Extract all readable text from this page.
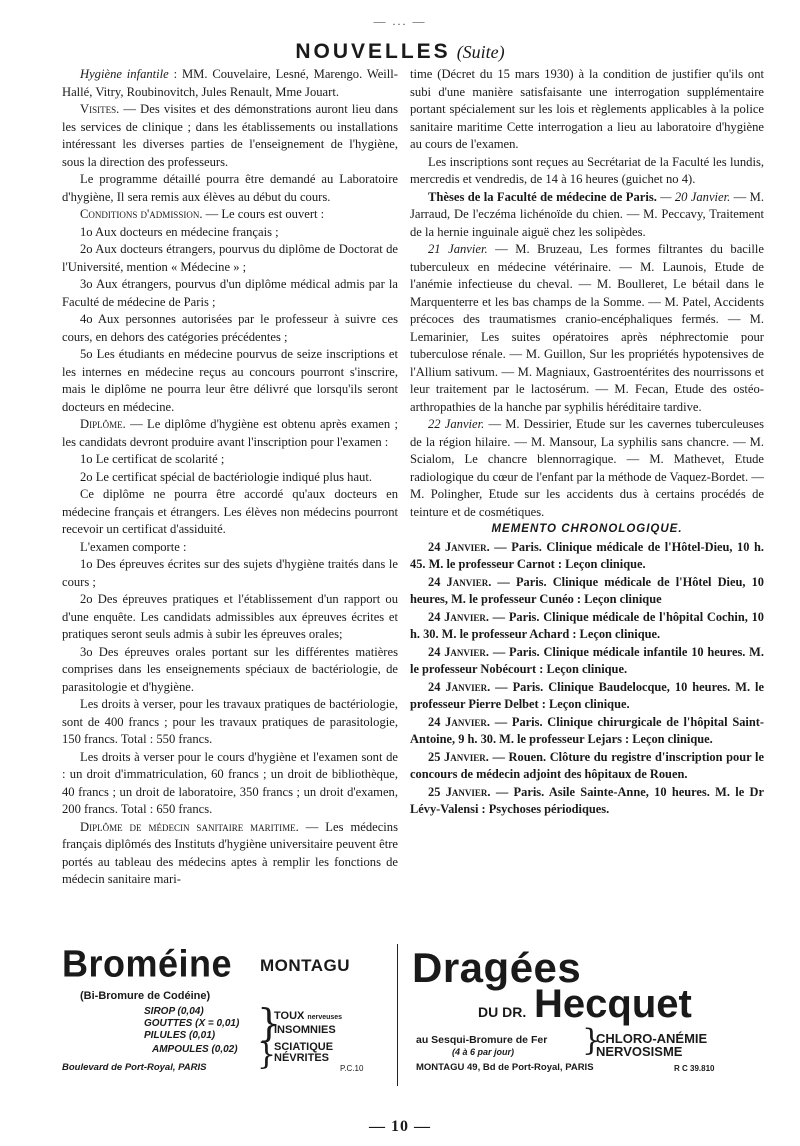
— ... —
NOUVELLES (Suite)

Hygiène infantile : MM. Couvelaire, Lesné, Marengo. Weill-Hallé, Vitry, Roubinovitch, Jules Renault, Mme Jouart.

Visites. — Des visites et des démonstrations auront lieu dans les services de clinique ; dans les établissements ou installations intéressant les diverses parties de l'enseignement de l'hygiène, sous la direction des professeurs.

Le programme détaillé pourra être demandé au Laboratoire d'hygiène, Il sera remis aux élèves au début du cours.

Conditions d'admission. — Le cours est ouvert :

1o Aux docteurs en médecine français ;

2o Aux docteurs étrangers, pourvus du diplôme de Doctorat de l'Université, mention « Médecine » ;

3o Aux étrangers, pourvus d'un diplôme médical admis par la Faculté de médecine de Paris ;

4o Aux personnes autorisées par le professeur à suivre ces cours, en dehors des catégories précédentes ;

5o Les étudiants en médecine pourvus de seize inscriptions et les internes en médecine reçus au concours pourront s'inscrire, mais le diplôme ne pourra leur être délivré que lorsqu'ils seront docteurs en médecine.

Diplôme. — Le diplôme d'hygiène est obtenu après examen ; les candidats devront produire avant l'inscription pour l'examen :

1o Le certificat de scolarité ;

2o Le certificat spécial de bactériologie indiqué plus haut.

Ce diplôme ne pourra être accordé qu'aux docteurs en médecine français et étrangers. Les élèves non médecins pourront recevoir un certificat d'assiduité.

L'examen comporte :

1o Des épreuves écrites sur des sujets d'hygiène traités dans le cours ;

2o Des épreuves pratiques et l'établissement d'un rapport ou d'une enquête. Les candidats admissibles aux épreuves écrites et pratiques seront seuls admis à subir les épreuves orales;

3o Des épreuves orales portant sur les différentes matières comprises dans les enseignements spéciaux de bactériologie, de parasitologie et d'hygiène.

Les droits à verser, pour les travaux pratiques de bactériologie, sont de 400 francs ; pour les travaux pratiques de parasitologie, 150 francs. Total : 550 francs.

Les droits à verser pour le cours d'hygiène et l'examen sont de : un droit d'immatriculation, 60 francs ; un droit de bibliothèque, 40 francs ; un droit de laboratoire, 350 francs ; un droit d'examen, 200 francs. Total : 650 francs.

Diplôme de médecin sanitaire maritime. — Les médecins français diplômés des Instituts d'hygiène universitaire peuvent être portés au tableau des médecins aptes à remplir les fonctions de médecin sanitaire mari-

time (Décret du 15 mars 1930) à la condition de justifier qu'ils ont subi d'une manière satisfaisante une interrogation supplémentaire portant spécialement sur les lois et règlements applicables à la police sanitaire maritime Cette interrogation a lieu au laboratoire d'hygiène au cours de l'examen.

Les inscriptions sont reçues au Secrétariat de la Faculté les lundis, mercredis et vendredis, de 14 à 16 heures (guichet no 4).

Thèses de la Faculté de médecine de Paris. — 20 Janvier. — M. Jarraud, De l'eczéma lichénoïde du chien. — M. Peccavy, Traitement de la hernie inguinale aiguë chez les solipèdes.

21 Janvier. — M. Bruzeau, Les formes filtrantes du bacille tuberculeux en médecine vétérinaire. — M. Launois, Etude de l'anémie infectieuse du cheval. — M. Boulleret, Le bétail dans le Marquenterre et les bas champs de la Somme. — M. Patel, Accidents précoces des traumatismes cranio-encéphaliques fermés. — M. Lemarinier, Les suites opératoires après néphrectomie pour tuberculose rénale. — M. Guillon, Sur les propriétés hypotensives de l'Allium sativum. — M. Magniaux, Gastroentérites des nourrissons et leur traitement par le lactosérum. — M. Fecan, Etude des ostéo-arthropathies de la hanche par syphilis héréditaire tardive.

22 Janvier. — M. Dessirier, Etude sur les cavernes tuberculeuses de la région hilaire. — M. Mansour, La syphilis sans chancre. — M. Scialom, Le chancre blennorragique. — M. Mathevet, Etude radiologique du cœur de l'enfant par la méthode de Vaquez-Bordet. — M. Polingher, Etude sur les accidents dus à certains procédés de teinture et de cosmétiques.

MEMENTO CHRONOLOGIQUE.

24 Janvier. — Paris. Clinique médicale de l'Hôtel-Dieu, 10 h. 45. M. le professeur Carnot : Leçon clinique.

24 Janvier. — Paris. Clinique médicale de l'Hôtel Dieu, 10 heures, M. le professeur Cunéo : Leçon clinique

24 Janvier. — Paris. Clinique médicale de l'hôpital Cochin, 10 h. 30. M. le professeur Achard : Leçon clinique.

24 Janvier. — Paris. Clinique médicale infantile 10 heures. M. le professeur Nobécourt : Leçon clinique.

24 Janvier. — Paris. Clinique Baudelocque, 10 heures. M. le professeur Pierre Delbet : Leçon clinique.

24 Janvier. — Paris. Clinique chirurgicale de l'hôpital Saint-Antoine, 9 h. 30. M. le professeur Lejars : Leçon clinique.

25 Janvier. — Rouen. Clôture du registre d'inscription pour le concours de médecin adjoint des hôpitaux de Rouen.

25 Janvier. — Paris. Asile Sainte-Anne, 10 heures. M. le Dr Lévy-Valensi : Psychoses périodiques.

Broméine MONTAGU
(Bi-Bromure de Codéine)
SIROP (0,04)
GOUTTES (X = 0,01)
PILULES (0,01)
AMPOULES (0,02)
}
TOUX nerveuses
INSOMNIES
}
SCIATIQUE
NÉVRITES
Boulevard de Port-Royal, PARIS	P.C.10
Dragées
DU DR. Hecquet
au Sesqui-Bromure de Fer
(4 à 6 par jour)	}
CHLORO-ANÉMIE
NERVOSISME
MONTAGU 49, Bd de Port-Royal, PARIS	R C 39.810
— 10 —
